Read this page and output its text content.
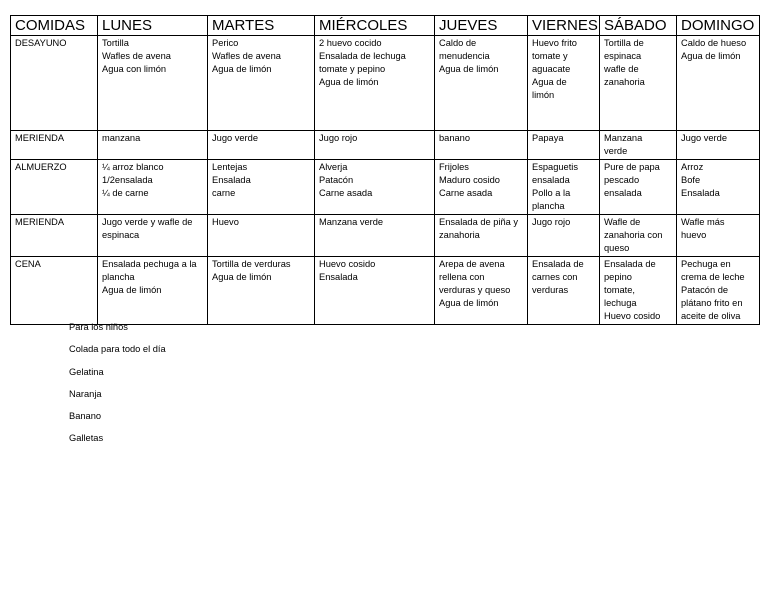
COMIDAS	LUNES	MARTES	MIÉRCOLES	JUEVES	VIERNES	SÁBADO	DOMINGO
DESAYUNO	Tortilla
Wafles de avena
Agua con limón	Perico
Wafles de avena
Agua de limón	2 huevo cocido
Ensalada de lechuga
tomate y pepino
Agua de limón	Caldo de
menudencia
Agua de limón	Huevo frito
tomate y
aguacate
Agua de
limón	Tortilla de
espinaca
wafle de
zanahoria	Caldo de hueso
Agua de limón

MERIENDA	manzana	Jugo verde	Jugo rojo	banano	Papaya	Manzana
verde	Jugo verde

ALMUERZO	¼ arroz blanco
1/2ensalada
¼ de carne	Lentejas
Ensalada
carne	Alverja
Patacón
Carne asada	Frijoles
Maduro cosido
Carne asada	Espaguetis
ensalada
Pollo a la
plancha	Pure de papa
pescado
ensalada	Arroz
Bofe
Ensalada

MERIENDA	Jugo verde y wafle de
espinaca	Huevo	Manzana verde	Ensalada de piña y
zanahoria	Jugo rojo	Wafle de
zanahoria con
queso	Wafle más
huevo

CENA	Ensalada pechuga a la
plancha
Agua de limón	Tortilla de verduras
Agua de limón	Huevo cosido
Ensalada	Arepa de avena
rellena con
verduras y queso
Agua de limón	Ensalada de
carnes con
verduras	Ensalada de
pepino
tomate,
lechuga
Huevo cosido	Pechuga en
crema de leche
Patacón de
plátano frito en
aceite de oliva
Para los niños
Colada para todo el día
Gelatina
Naranja
Banano
Galletas
